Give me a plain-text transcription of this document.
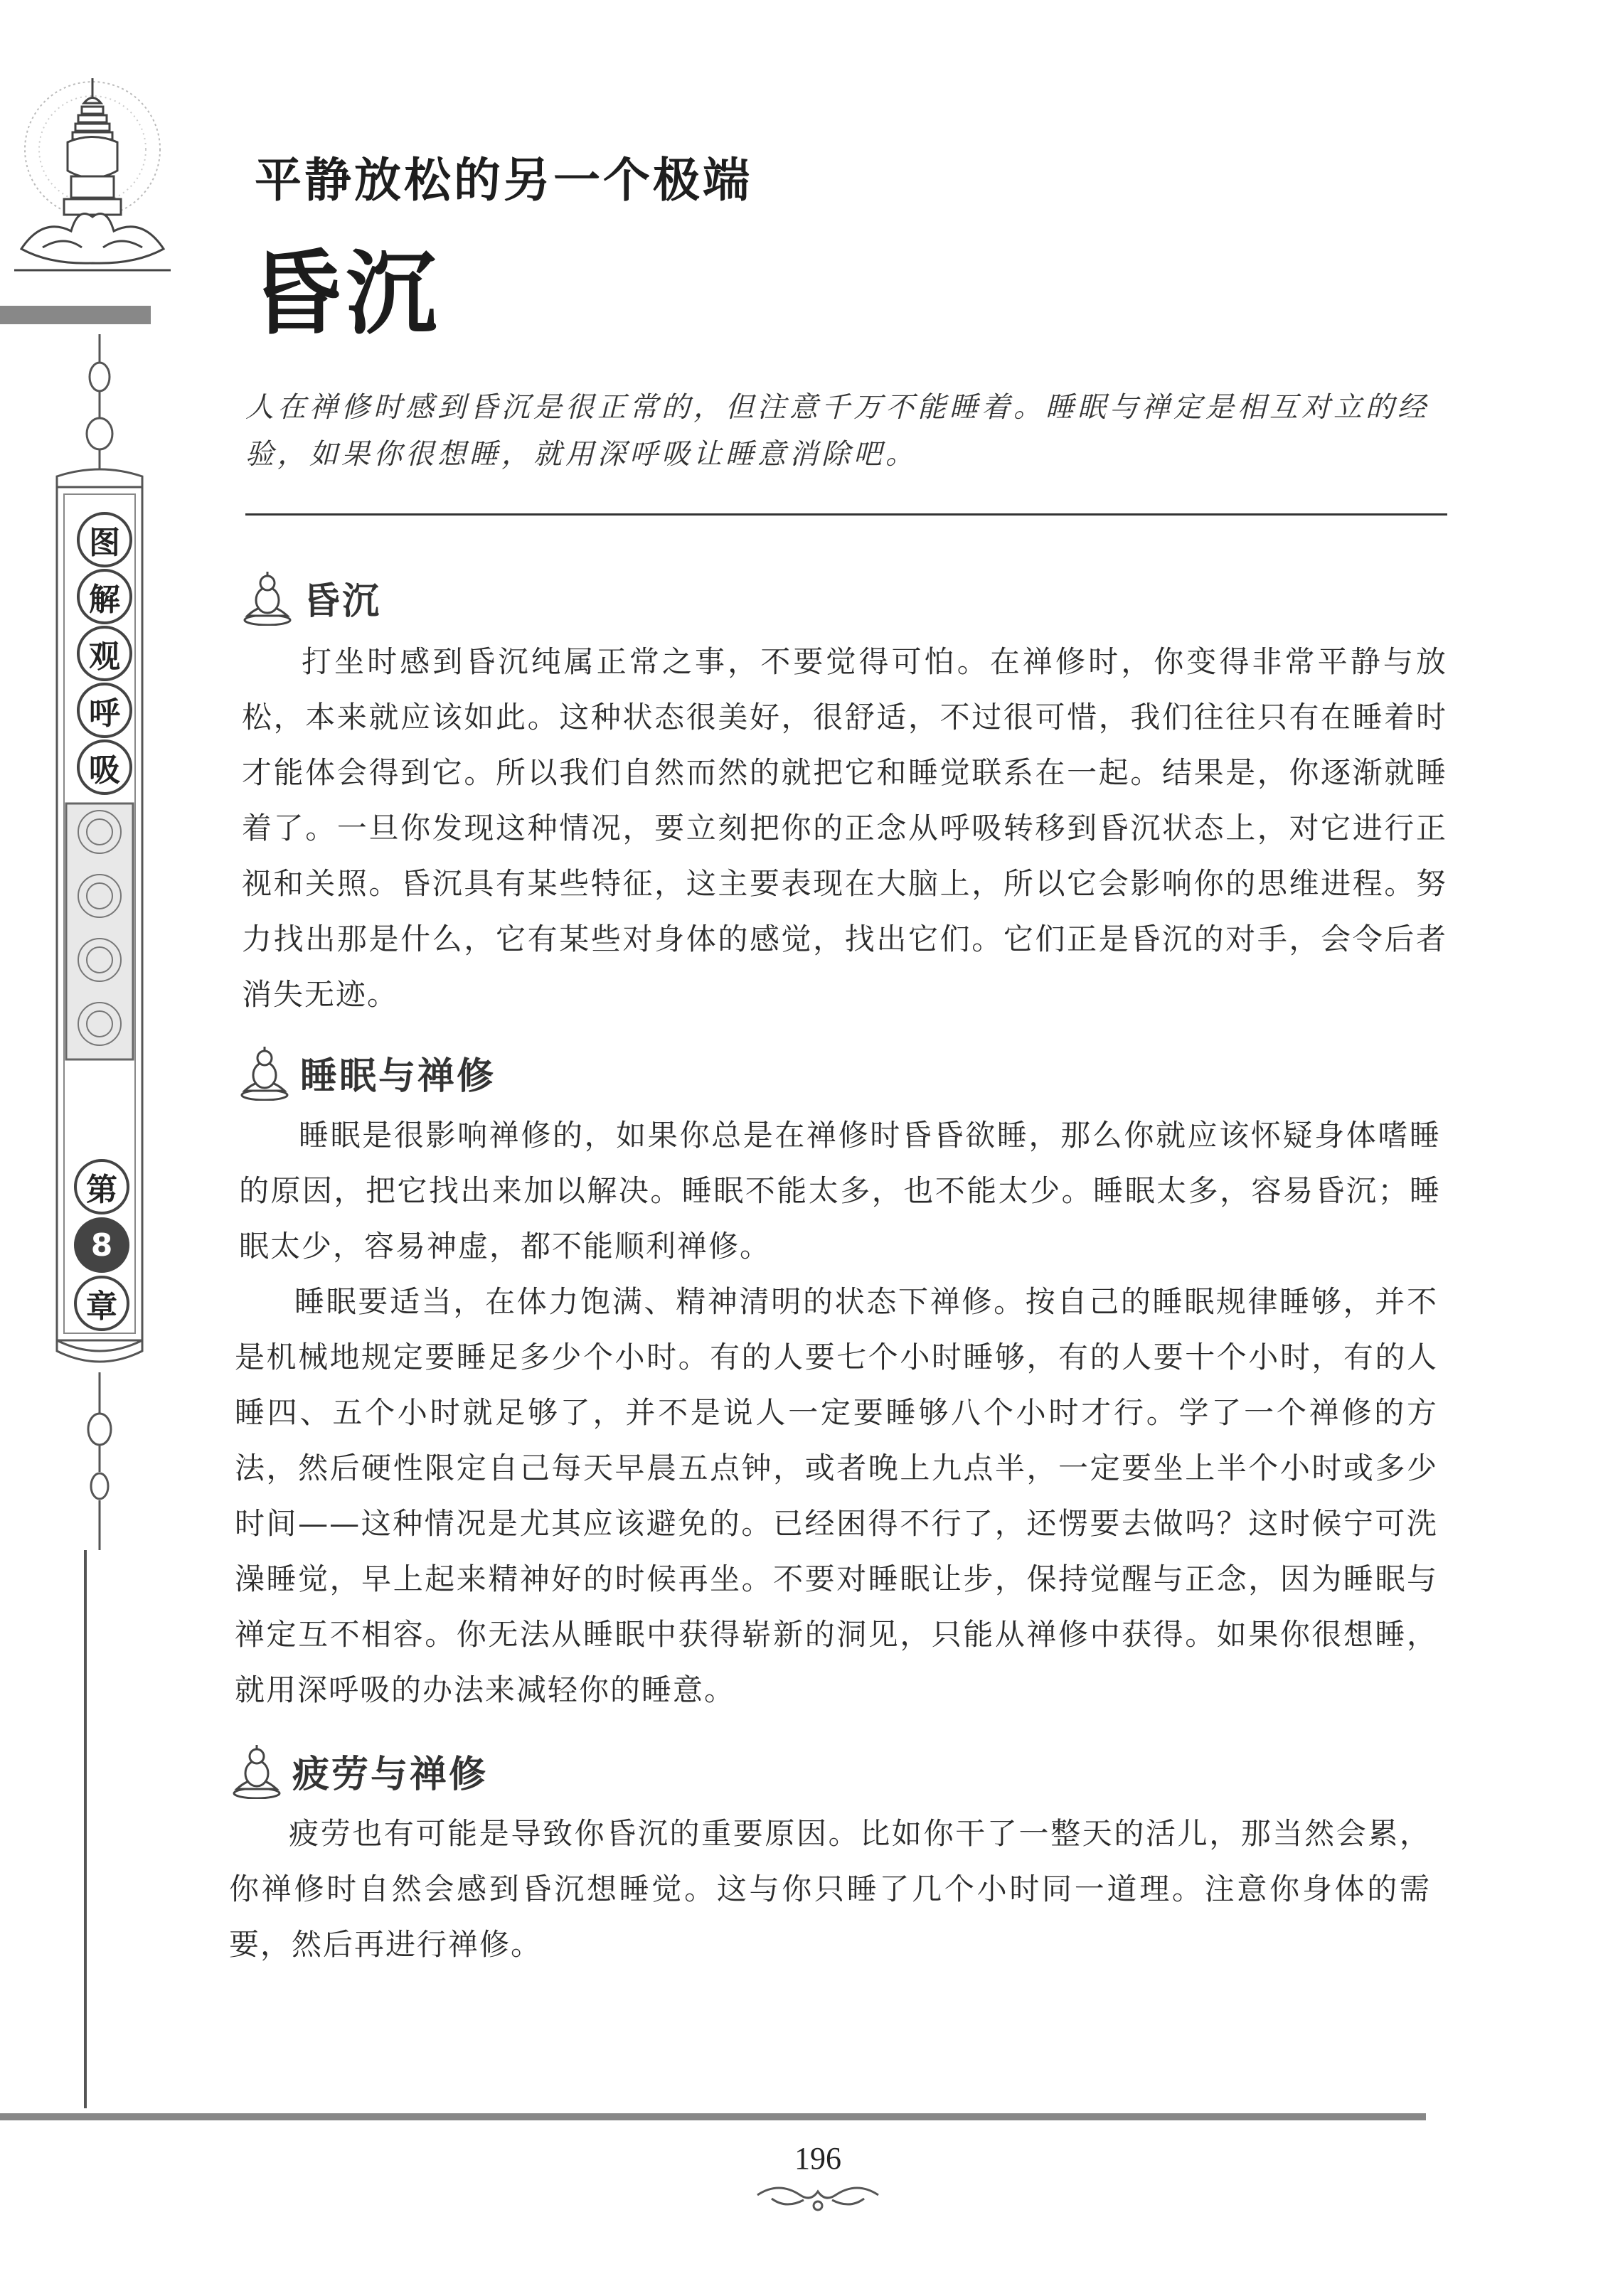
图
解
观
呼
吸
第
8
章
平静放松的另一个极端
昏沉
人在禅修时感到昏沉是很正常的，但注意千万不能睡着。睡眠与禅定是相互对立的经验，如果你很想睡，就用深呼吸让睡意消除吧。
昏沉
打坐时感到昏沉纯属正常之事，不要觉得可怕。在禅修时，你变得非常平静与放松，本来就应该如此。这种状态很美好，很舒适，不过很可惜，我们往往只有在睡着时才能体会得到它。所以我们自然而然的就把它和睡觉联系在一起。结果是，你逐渐就睡着了。一旦你发现这种情况，要立刻把你的正念从呼吸转移到昏沉状态上，对它进行正视和关照。昏沉具有某些特征，这主要表现在大脑上，所以它会影响你的思维进程。努力找出那是什么，它有某些对身体的感觉，找出它们。它们正是昏沉的对手，会令后者消失无迹。
睡眠与禅修
睡眠是很影响禅修的，如果你总是在禅修时昏昏欲睡，那么你就应该怀疑身体嗜睡的原因，把它找出来加以解决。睡眠不能太多，也不能太少。睡眠太多，容易昏沉；睡眠太少，容易神虚，都不能顺利禅修。
睡眠要适当，在体力饱满、精神清明的状态下禅修。按自己的睡眠规律睡够，并不是机械地规定要睡足多少个小时。有的人要七个小时睡够，有的人要十个小时，有的人睡四、五个小时就足够了，并不是说人一定要睡够八个小时才行。学了一个禅修的方法，然后硬性限定自己每天早晨五点钟，或者晚上九点半，一定要坐上半个小时或多少时间——这种情况是尤其应该避免的。已经困得不行了，还愣要去做吗？这时候宁可洗澡睡觉，早上起来精神好的时候再坐。不要对睡眠让步，保持觉醒与正念，因为睡眠与禅定互不相容。你无法从睡眠中获得崭新的洞见，只能从禅修中获得。如果你很想睡，就用深呼吸的办法来减轻你的睡意。
疲劳与禅修
疲劳也有可能是导致你昏沉的重要原因。比如你干了一整天的活儿，那当然会累，你禅修时自然会感到昏沉想睡觉。这与你只睡了几个小时同一道理。注意你身体的需要，然后再进行禅修。
196
